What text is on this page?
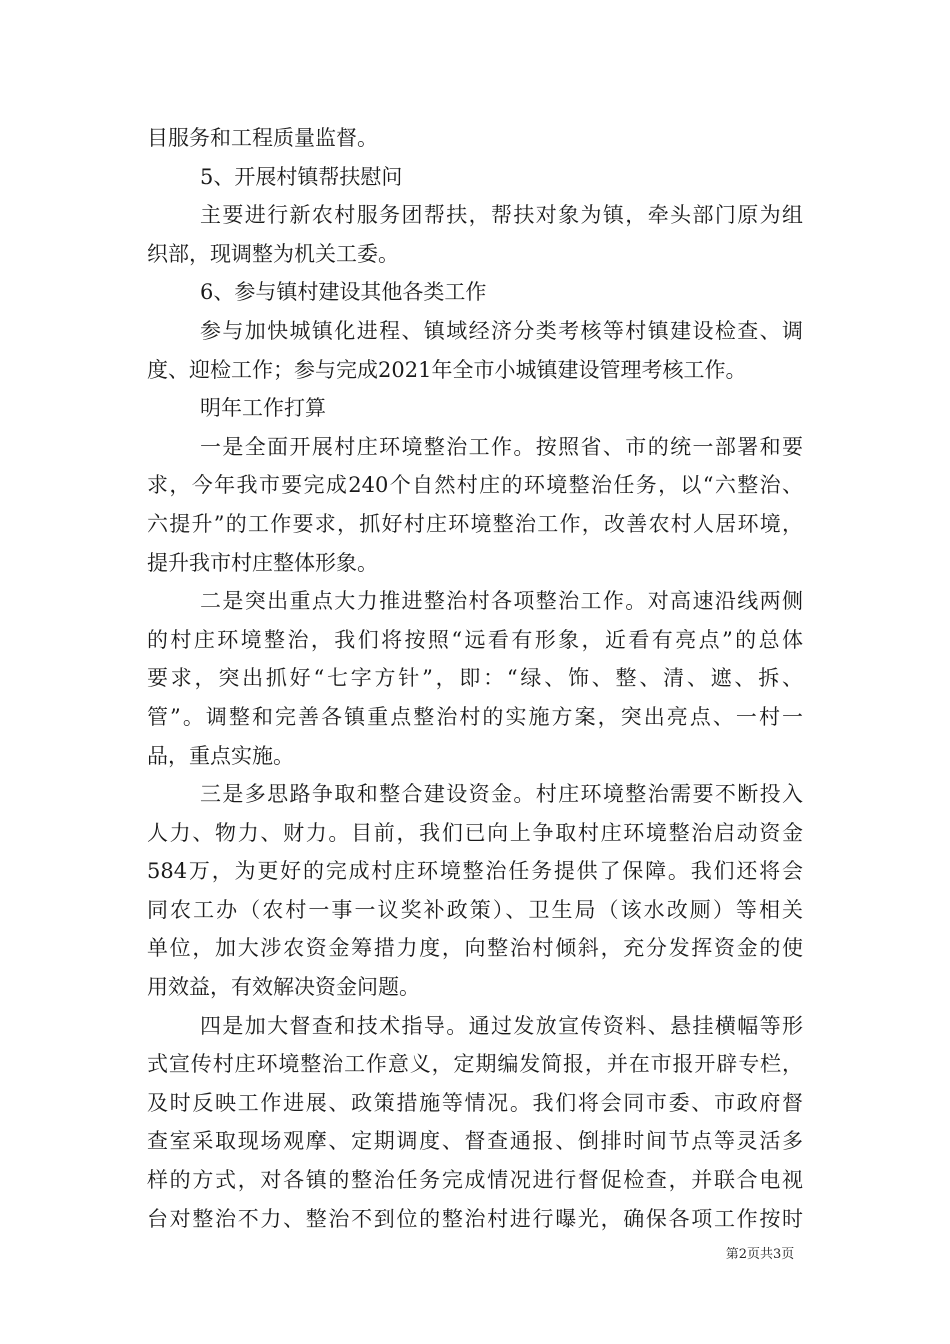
目服务和工程质量监督。
5、开展村镇帮扶慰问
主要进行新农村服务团帮扶，帮扶对象为镇，牵头部门原为组
织部，现调整为机关工委。
6、参与镇村建设其他各类工作
参与加快城镇化进程、镇域经济分类考核等村镇建设检查、调
度、迎检工作；参与完成2021年全市小城镇建设管理考核工作。
明年工作打算
一是全面开展村庄环境整治工作。按照省、市的统一部署和要
求，今年我市要完成240个自然村庄的环境整治任务，以“六整治、
六提升”的工作要求，抓好村庄环境整治工作，改善农村人居环境，
提升我市村庄整体形象。
二是突出重点大力推进整治村各项整治工作。对高速沿线两侧
的村庄环境整治，我们将按照“远看有形象，近看有亮点”的总体
要求，突出抓好“七字方针”，即：“绿、饰、整、清、遮、拆、
管”。调整和完善各镇重点整治村的实施方案，突出亮点、一村一
品，重点实施。
三是多思路争取和整合建设资金。村庄环境整治需要不断投入
人力、物力、财力。目前，我们已向上争取村庄环境整治启动资金
584万，为更好的完成村庄环境整治任务提供了保障。我们还将会
同农工办（农村一事一议奖补政策）、卫生局（该水改厕）等相关
单位，加大涉农资金筹措力度，向整治村倾斜，充分发挥资金的使
用效益，有效解决资金问题。
四是加大督查和技术指导。通过发放宣传资料、悬挂横幅等形
式宣传村庄环境整治工作意义，定期编发简报，并在市报开辟专栏，
及时反映工作进展、政策措施等情况。我们将会同市委、市政府督
查室采取现场观摩、定期调度、督查通报、倒排时间节点等灵活多
样的方式，对各镇的整治任务完成情况进行督促检查，并联合电视
台对整治不力、整治不到位的整治村进行曝光，确保各项工作按时
第2页共3页
